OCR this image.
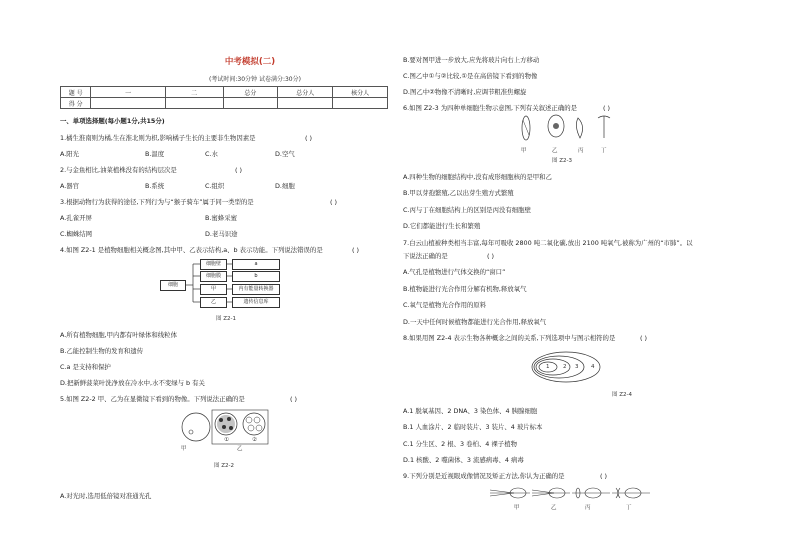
中考模拟(二)
(考试时间:30分钟 试卷满分:30分)
题 号	一	二	总分	总分人	核分人
得 分					
一、单项选择题(每小题1分,共15分)
1.橘生淮南则为橘,生在淮北则为枳,影响橘子生长的主要非生物因素是	( )
A.阳光	B.温度	C.水	D.空气
2.与金鱼相比,油菜植株没有的结构层次是	( )
A.器官	B.系统	C.组织	D.细胞
3.根据动物行为获得的途径,下列行为与“猴子骑车”属于同一类型的是	( )
A.孔雀开屏	B.蜜蜂采蜜
C.蜘蛛结网	D.老马识途
4.如图 Z2-1 是植物细胞相关概念图,其中甲、乙表示结构,a、b 表示功能。下列说法错误的是	( )
细胞
细胞壁
细胞膜
甲
乙
a
b
内有能量转换器
遗传信息库
图 Z2-1
A.所有植物细胞,甲内都有叶绿体和线粒体
B.乙能控制生物的发育和遗传
C.a 是支持和保护
D.把新鲜菠菜叶洗净放在冷水中,水不变绿与 b 有关
5.如图 Z2-2 甲、乙为在显微镜下看到的物像。下列说法正确的是	( )
甲
①	②
乙
图 Z2-2
A.对光时,选用低倍镜对准通光孔
B.要对图甲进一步放大,应先将玻片向右上方移动
C.图乙中①与②比较,①是在高倍镜下看到的物像
D.图乙中②物像不清晰时,应调节粗准焦螺旋
6.如图 Z2-3 为四种单细胞生物示意图,下列有关叙述正确的是	( )
甲	乙	丙	丁
图 Z2-3
A.四种生物的细胞结构中,没有成形细胞核的是甲和乙
B.甲以芽孢繁殖,乙以出芽生殖方式繁殖
C.丙与丁在细胞结构上的区别是丙没有细胞壁
D.它们都能进行生长和繁殖
7.白云山植被种类相当丰富,每年可吸收 2800 吨二氧化碳,放出 2100 吨氧气,被称为广州的“市肺”。以
下说法正确的是	( )
A.气孔是植物进行气体交换的“窗口”
B.植物能进行光合作用分解有机物,释放氧气
C.氧气是植物光合作用的原料
D.一天中任何时候植物都能进行光合作用,释放氧气
8.如果用图 Z2-4 表示生物各种概念之间的关系,下列选项中与图示相符的是	( )
1 2 3 4
图 Z2-4
A.1 脱氧基因、2 DNA、3 染色体、4 胰腺细胞
B.1 人血涂片、2 临时装片、3 装片、4 玻片标本
C.1 分生区、2 根、3 卷柏、4 裸子植物
D.1 核酸、2 噬菌体、3 流感病毒、4 病毒
9.下列分别是近视眼成像情况及矫正方法,你认为正确的是	( )
甲	乙	丙	丁
